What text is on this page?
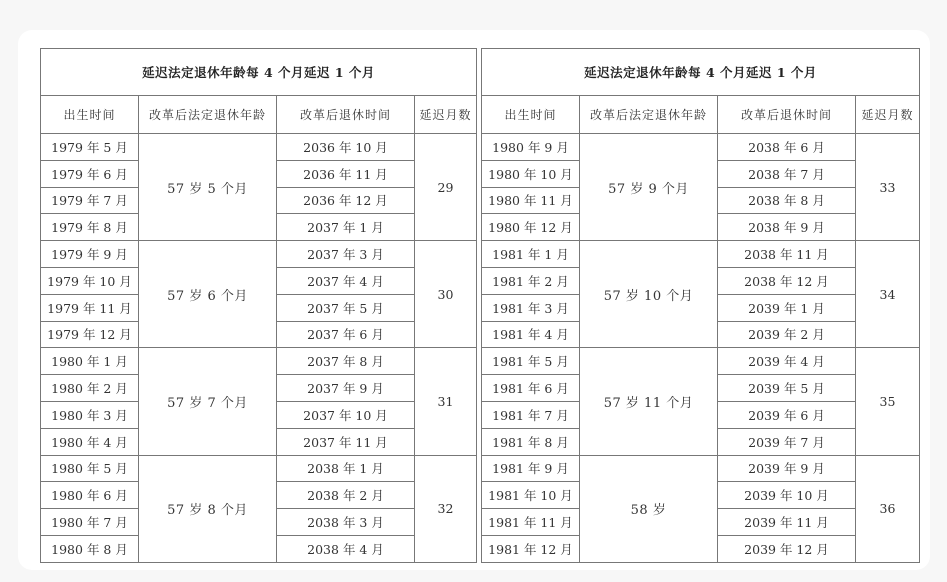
延迟法定退休年龄每 4 个月延迟 1 个月			
出生时间	改革后法定退休年龄	改革后退休时间	延迟月数
1979 年 5 月	57 岁 5 个月	2036 年 10 月	29
1979 年 6 月		2036 年 11 月	
1979 年 7 月		2036 年 12 月	
1979 年 8 月		2037 年 1 月	
1979 年 9 月	57 岁 6 个月	2037 年 3 月	30
1979 年 10 月		2037 年 4 月	
1979 年 11 月		2037 年 5 月	
1979 年 12 月		2037 年 6 月	
1980 年 1 月	57 岁 7 个月	2037 年 8 月	31
1980 年 2 月		2037 年 9 月	
1980 年 3 月		2037 年 10 月	
1980 年 4 月		2037 年 11 月	
1980 年 5 月	57 岁 8 个月	2038 年 1 月	32
1980 年 6 月		2038 年 2 月	
1980 年 7 月		2038 年 3 月	
1980 年 8 月		2038 年 4 月	
延迟法定退休年龄每 4 个月延迟 1 个月			
出生时间	改革后法定退休年龄	改革后退休时间	延迟月数
1980 年 9 月	57 岁 9 个月	2038 年 6 月	33
1980 年 10 月		2038 年 7 月	
1980 年 11 月		2038 年 8 月	
1980 年 12 月		2038 年 9 月	
1981 年 1 月	57 岁 10 个月	2038 年 11 月	34
1981 年 2 月		2038 年 12 月	
1981 年 3 月		2039 年 1 月	
1981 年 4 月		2039 年 2 月	
1981 年 5 月	57 岁 11 个月	2039 年 4 月	35
1981 年 6 月		2039 年 5 月	
1981 年 7 月		2039 年 6 月	
1981 年 8 月		2039 年 7 月	
1981 年 9 月	58 岁	2039 年 9 月	36
1981 年 10 月		2039 年 10 月	
1981 年 11 月		2039 年 11 月	
1981 年 12 月		2039 年 12 月	
